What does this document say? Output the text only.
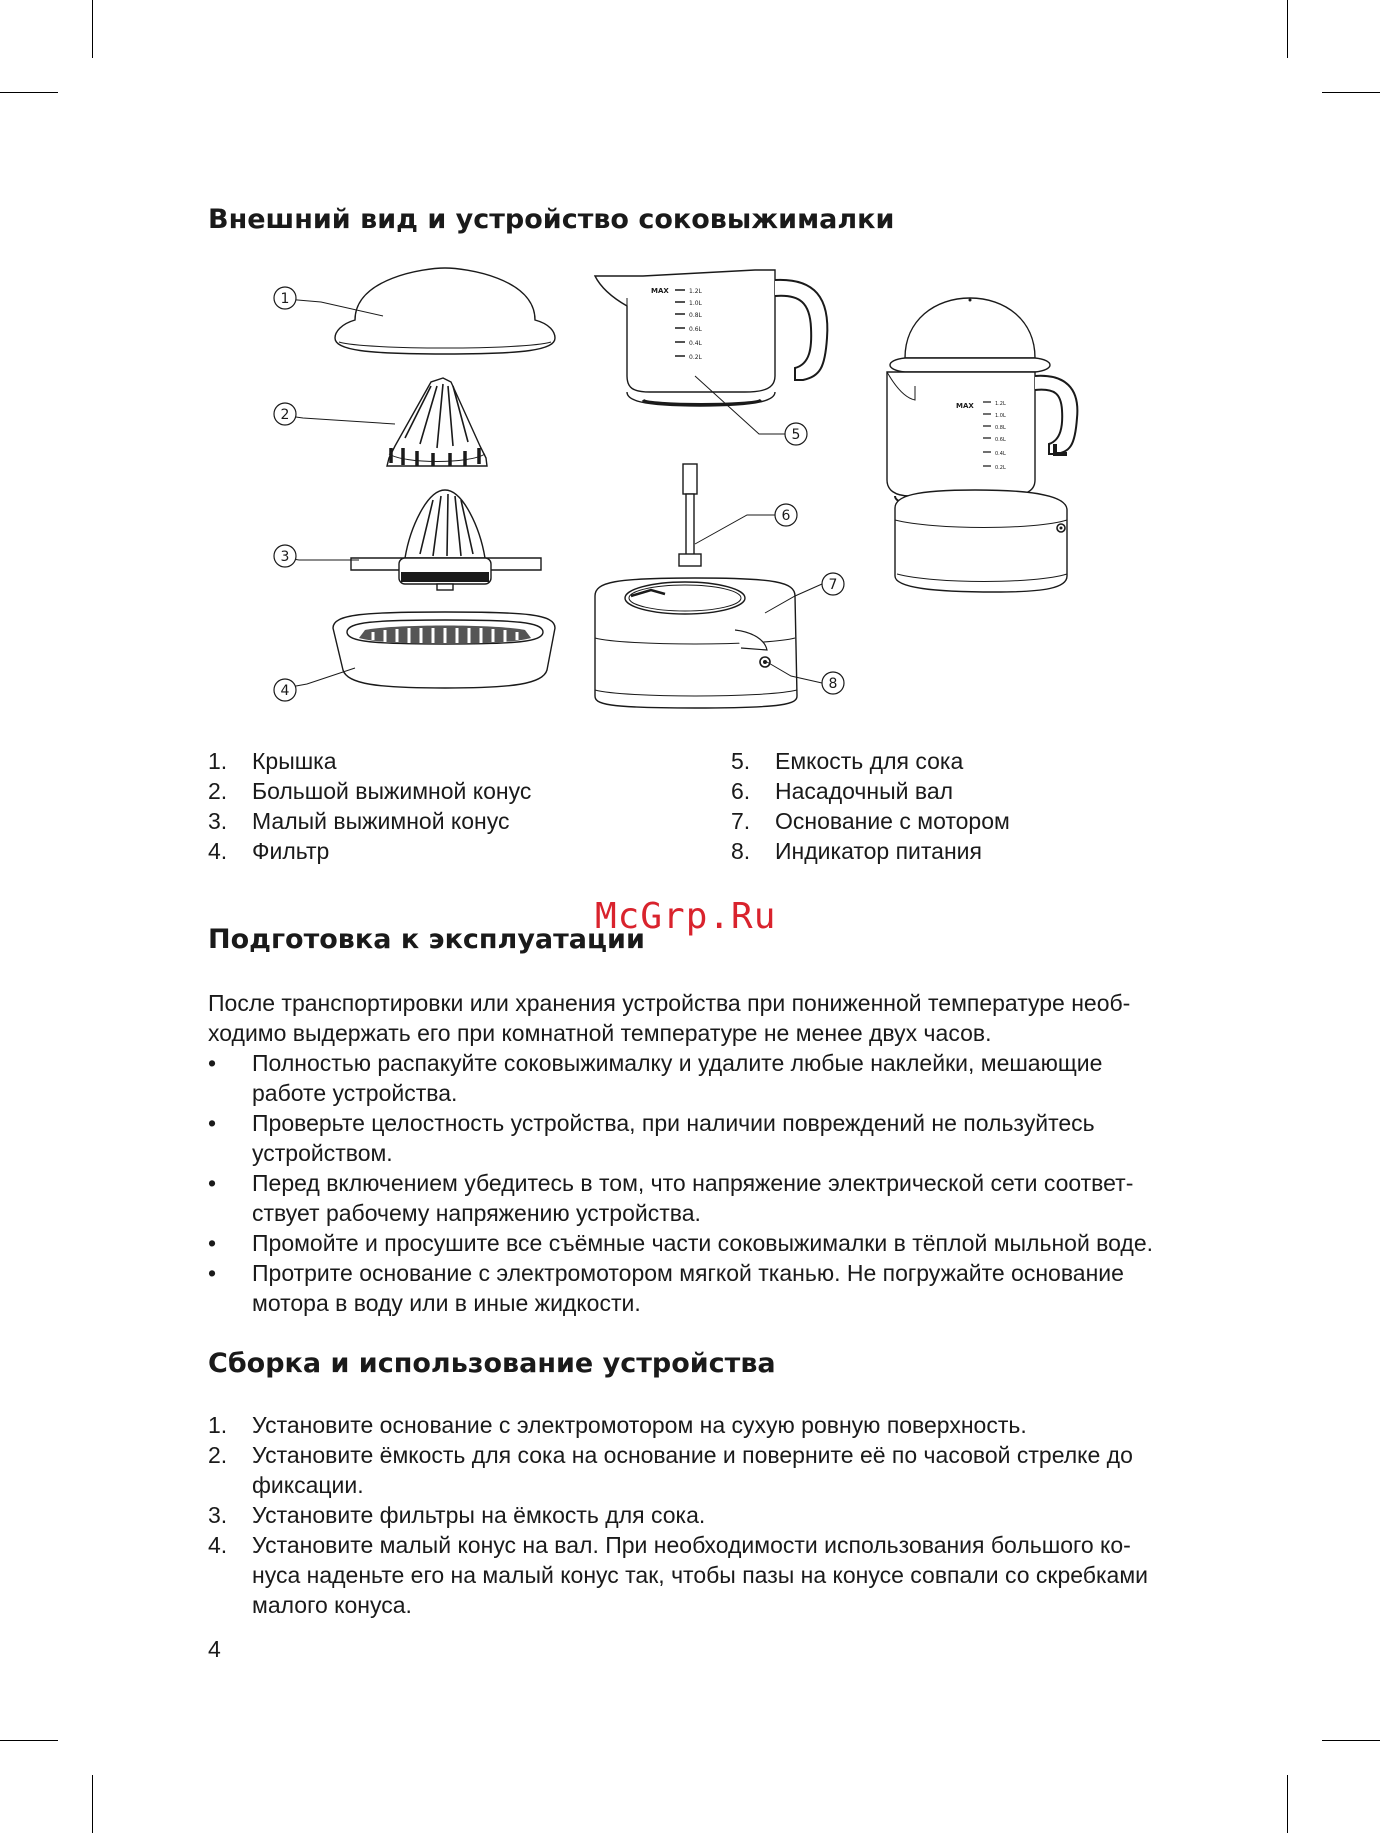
Внешний вид и устройство соковыжималки
MAX	1.2L
1.0L
0.8L
0.6L
0.4L
0.2L
MAX	1.2L
1.0L
0.8L
0.6L
0.4L
0.2L
1
2
3
4
5
6
7
8
1. Крышка
2. Большой выжимной конус
3. Малый выжимной конус
4. Фильтр
5. Емкость для сока
6. Насадочный вал
7. Основание с мотором
8. Индикатор питания
Подготовка к эксплуатации
McGrp.Ru

После транспортировки или хранения устройства при пониженной температуре необ-
ходимо выдержать его при комнатной температуре не менее двух часов.

• Полностью распакуйте соковыжималку и удалите любые наклейки, мешающие
работе устройства.
• Проверьте целостность устройства, при наличии повреждений не пользуйтесь
устройством.
• Перед включением убедитесь в том, что напряжение электрической сети соответ-
ствует рабочему напряжению устройства.
• Промойте и просушите все съёмные части соковыжималки в тёплой мыльной воде.
• Протрите основание с электромотором мягкой тканью. Не погружайте основание
мотора в воду или в иные жидкости.
Сборка и использование устройства
1. Установите основание с электромотором на сухую ровную поверхность.
2. Установите ёмкость для сока на основание и поверните её по часовой стрелке до
фиксации.
3. Установите фильтры на ёмкость для сока.
4. Установите малый конус на вал. При необходимости использования большого ко-
нуса наденьте его на малый конус так, чтобы пазы на конусе совпали со скребками
малого конуса.
4
